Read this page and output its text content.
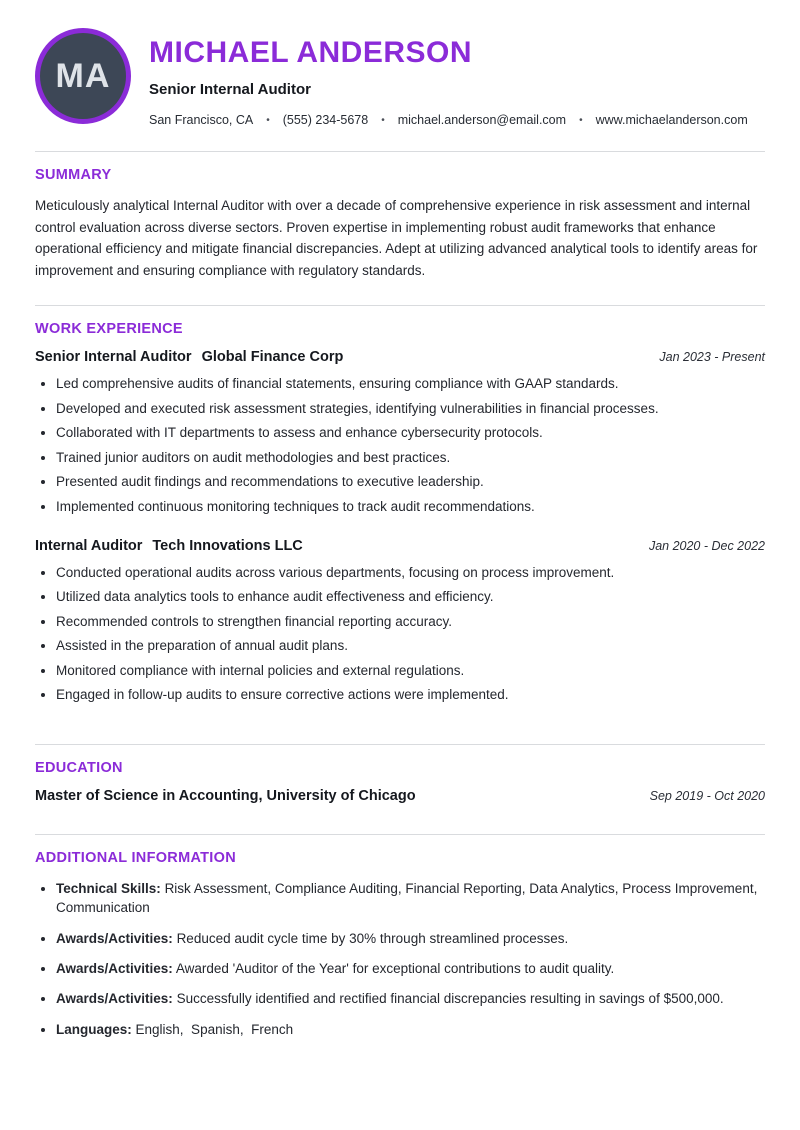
MA
MICHAEL ANDERSON
Senior Internal Auditor
San Francisco, CA • (555) 234-5678 • michael.anderson@email.com • www.michaelanderson.com
SUMMARY

Meticulously analytical Internal Auditor with over a decade of comprehensive experience in risk assessment and internal control evaluation across diverse sectors. Proven expertise in implementing robust audit frameworks that enhance operational efficiency and mitigate financial discrepancies. Adept at utilizing advanced analytical tools to identify areas for improvement and ensuring compliance with regulatory standards.

WORK EXPERIENCE
Senior Internal Auditor Global Finance Corp	Jan 2023 - Present
• Led comprehensive audits of financial statements, ensuring compliance with GAAP standards.
• Developed and executed risk assessment strategies, identifying vulnerabilities in financial processes.
• Collaborated with IT departments to assess and enhance cybersecurity protocols.
• Trained junior auditors on audit methodologies and best practices.
• Presented audit findings and recommendations to executive leadership.
• Implemented continuous monitoring techniques to track audit recommendations.
Internal Auditor Tech Innovations LLC	Jan 2020 - Dec 2022
• Conducted operational audits across various departments, focusing on process improvement.
• Utilized data analytics tools to enhance audit effectiveness and efficiency.
• Recommended controls to strengthen financial reporting accuracy.
• Assisted in the preparation of annual audit plans.
• Monitored compliance with internal policies and external regulations.
• Engaged in follow-up audits to ensure corrective actions were implemented.
EDUCATION
Master of Science in Accounting, University of Chicago	Sep 2019 - Oct 2020
ADDITIONAL INFORMATION
• Technical Skills: Risk Assessment, Compliance Auditing, Financial Reporting, Data Analytics, Process Improvement, Communication
• Awards/Activities: Reduced audit cycle time by 30% through streamlined processes.
• Awards/Activities: Awarded 'Auditor of the Year' for exceptional contributions to audit quality.
• Awards/Activities: Successfully identified and rectified financial discrepancies resulting in savings of $500,000.
• Languages: English,  Spanish,  French
